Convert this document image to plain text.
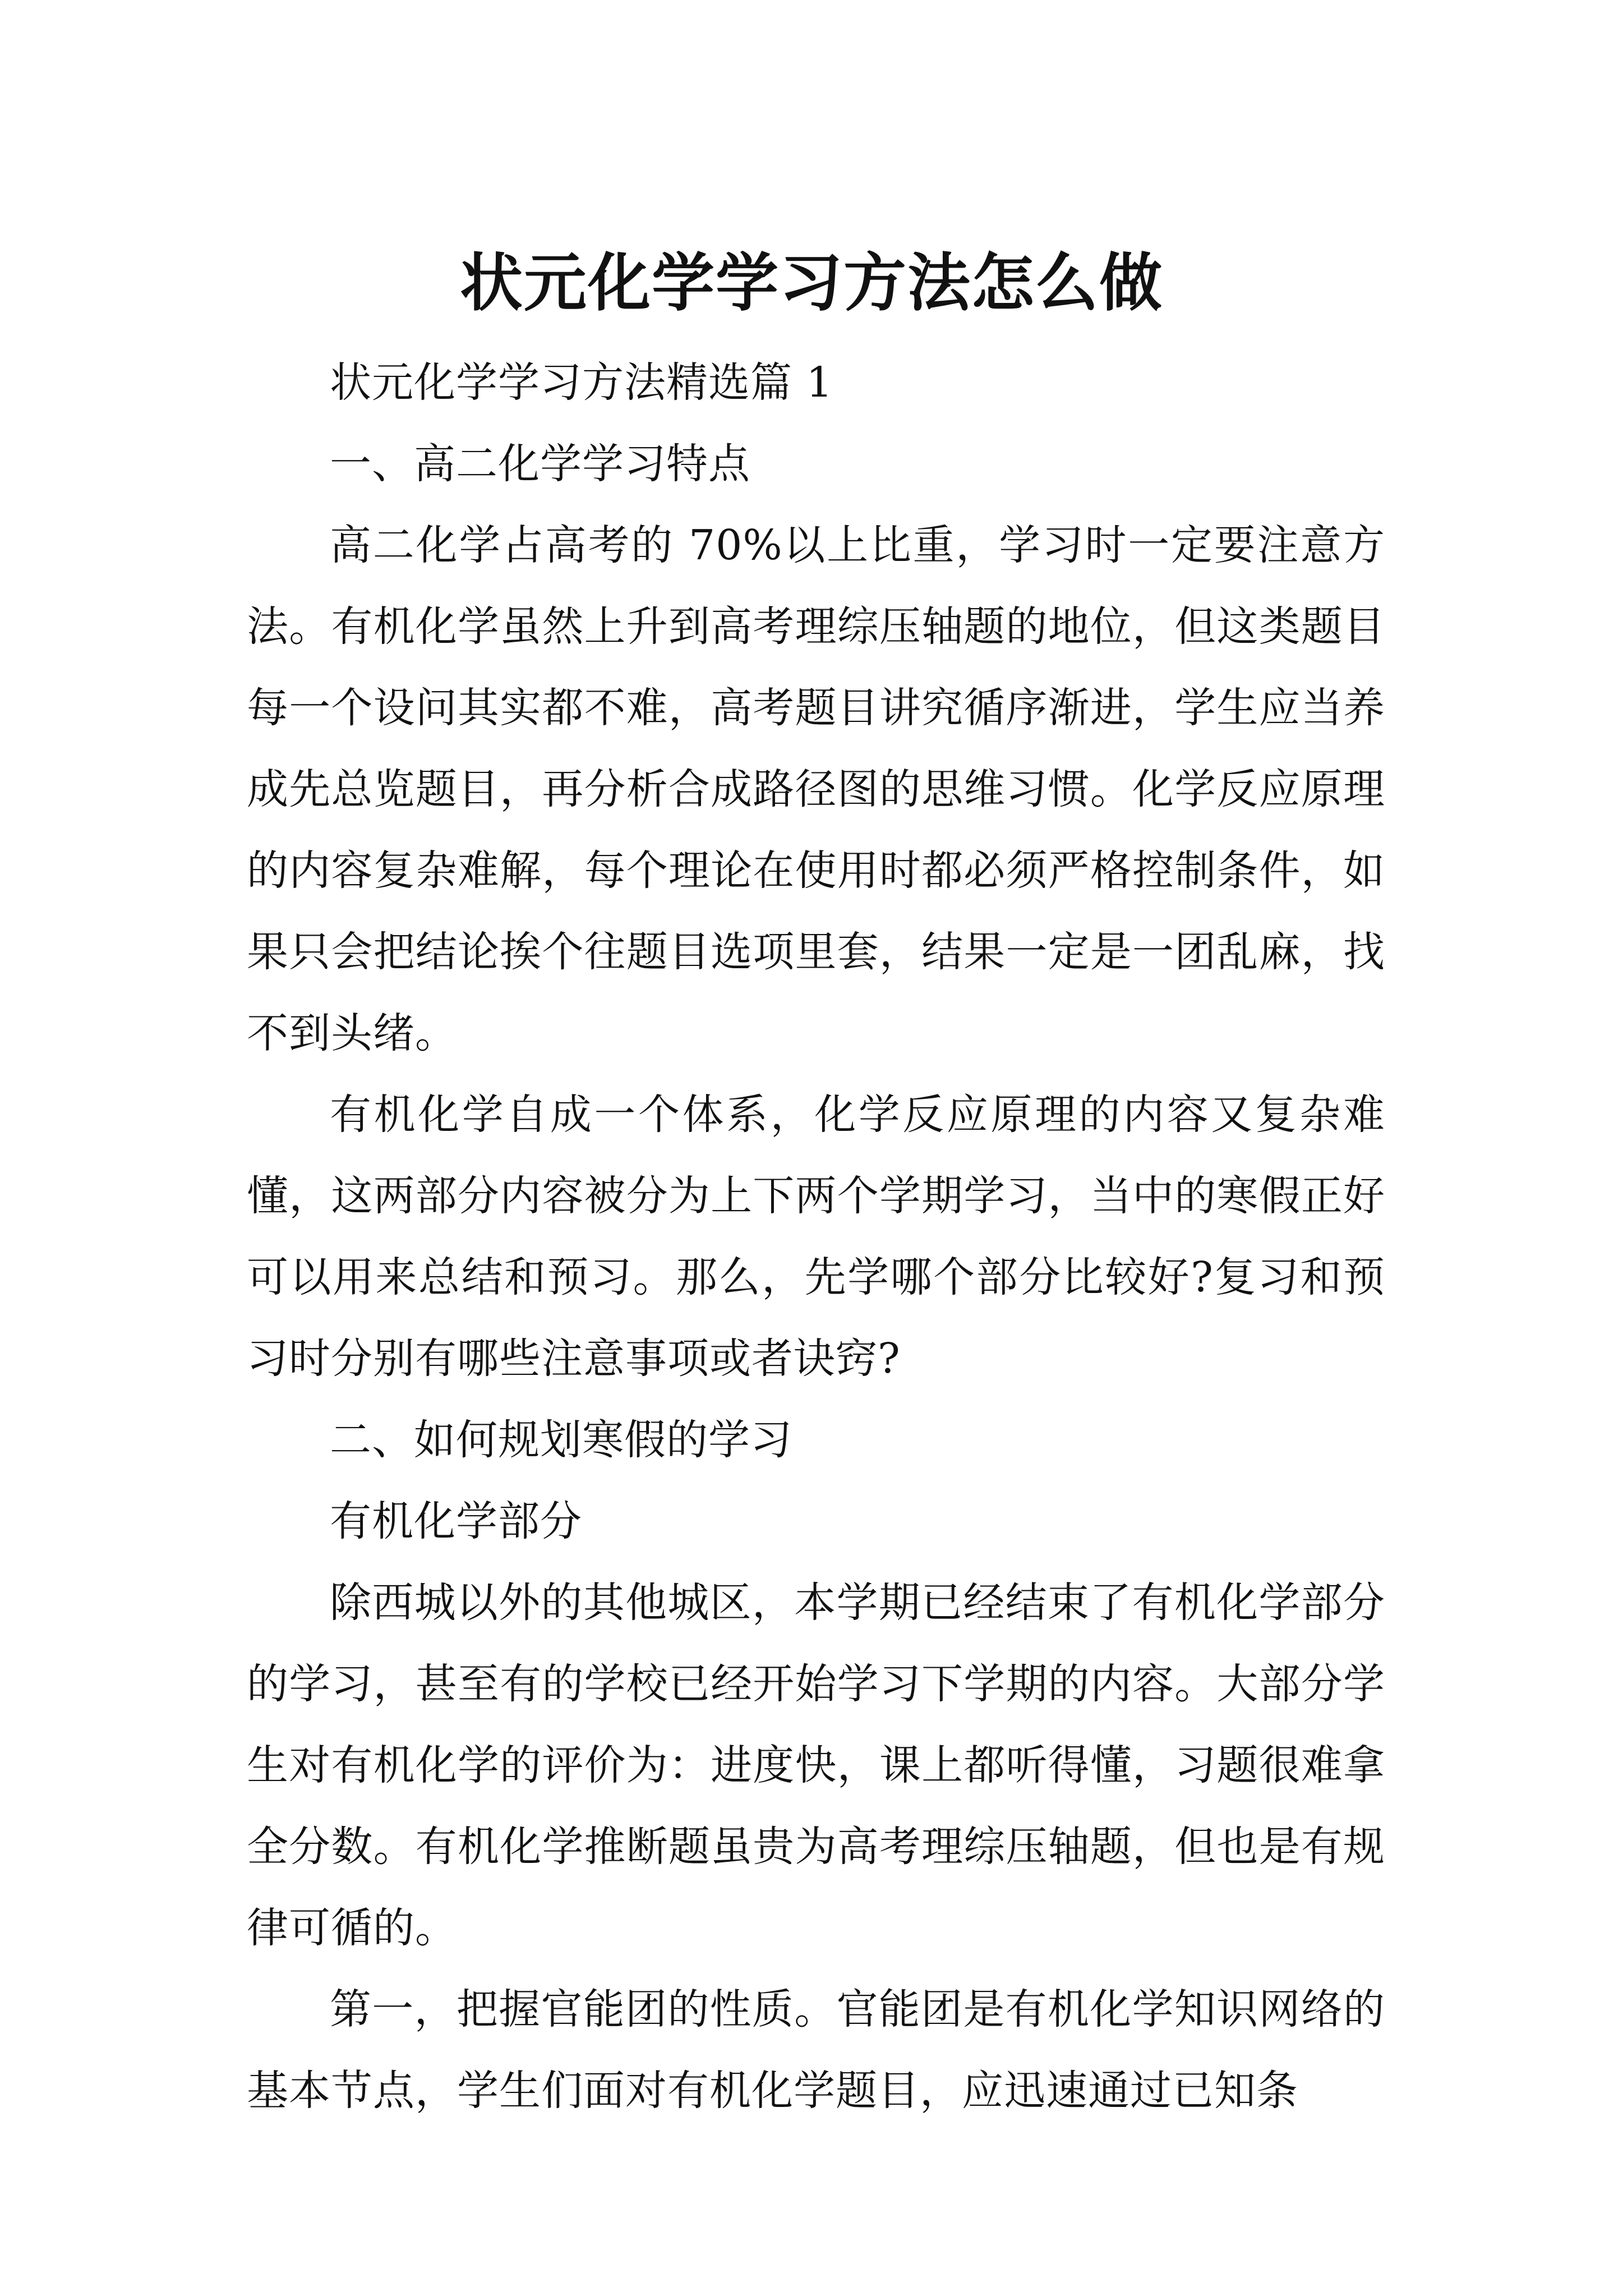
状元化学学习方法怎么做

状元化学学习方法精选篇 1

一、高二化学学习特点

高二化学占高考的 70%以上比重，学习时一定要注意方法。有机化学虽然上升到高考理综压轴题的地位，但这类题目每一个设问其实都不难，高考题目讲究循序渐进，学生应当养成先总览题目，再分析合成路径图的思维习惯。化学反应原理的内容复杂难解，每个理论在使用时都必须严格控制条件，如果只会把结论挨个往题目选项里套，结果一定是一团乱麻，找不到头绪。

有机化学自成一个体系，化学反应原理的内容又复杂难懂，这两部分内容被分为上下两个学期学习，当中的寒假正好可以用来总结和预习。那么，先学哪个部分比较好?复习和预习时分别有哪些注意事项或者诀窍?

二、如何规划寒假的学习

有机化学部分

除西城以外的其他城区，本学期已经结束了有机化学部分的学习，甚至有的学校已经开始学习下学期的内容。大部分学生对有机化学的评价为：进度快，课上都听得懂，习题很难拿全分数。有机化学推断题虽贵为高考理综压轴题，但也是有规律可循的。

第一，把握官能团的性质。官能团是有机化学知识网络的基本节点，学生们面对有机化学题目，应迅速通过已知条
